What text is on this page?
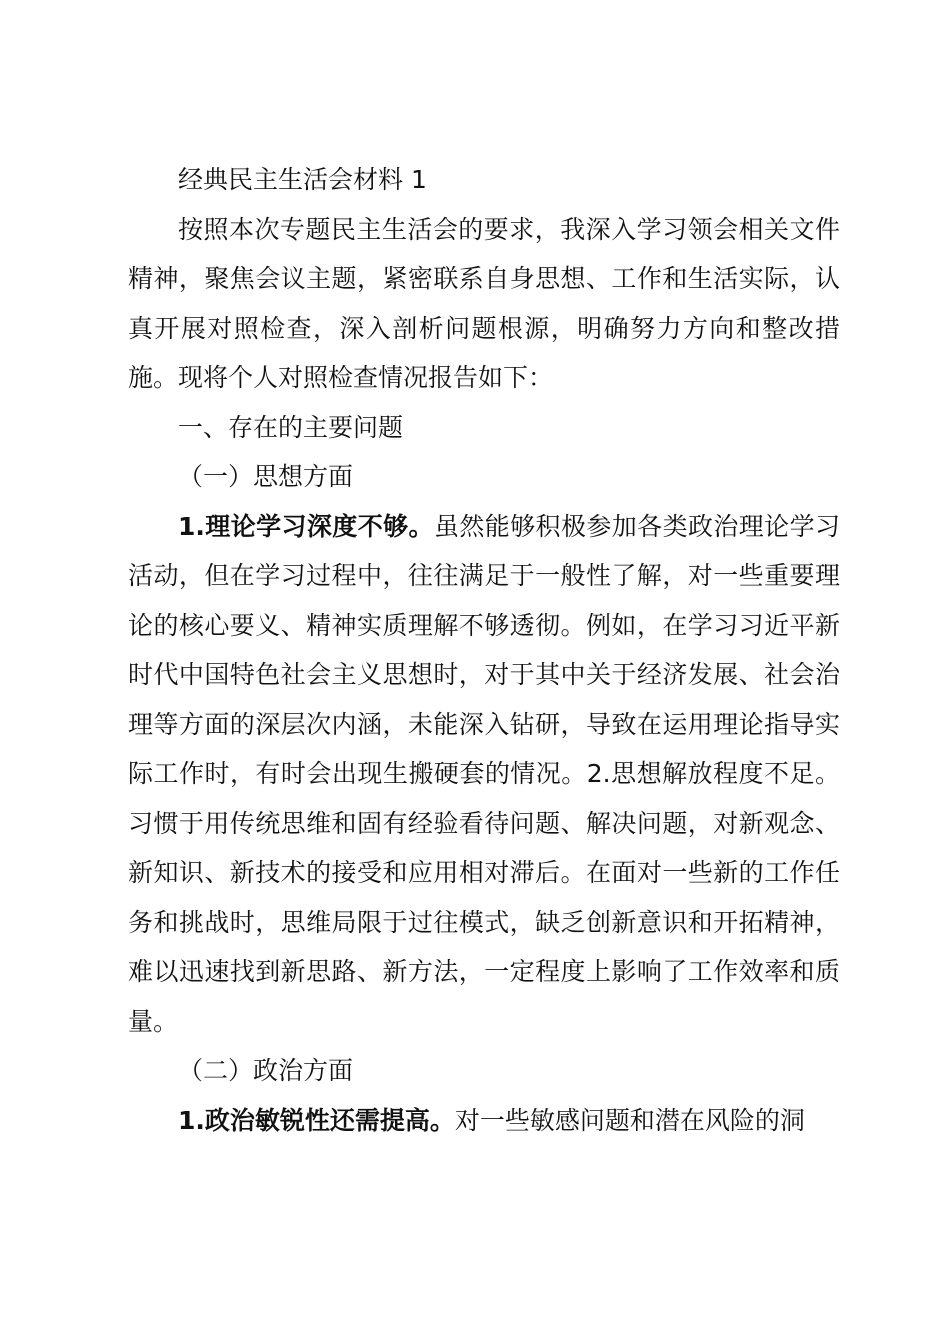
经典民主生活会材料 1

按照本次专题民主生活会的要求，我深入学习领会相关文件精神，聚焦会议主题，紧密联系自身思想、工作和生活实际，认真开展对照检查，深入剖析问题根源，明确努力方向和整改措施。现将个人对照检查情况报告如下：

一、存在的主要问题

（一）思想方面

1.理论学习深度不够。虽然能够积极参加各类政治理论学习活动，但在学习过程中，往往满足于一般性了解，对一些重要理论的核心要义、精神实质理解不够透彻。例如，在学习习近平新时代中国特色社会主义思想时，对于其中关于经济发展、社会治理等方面的深层次内涵，未能深入钻研，导致在运用理论指导实际工作时，有时会出现生搬硬套的情况。2.思想解放程度不足。习惯于用传统思维和固有经验看待问题、解决问题，对新观念、新知识、新技术的接受和应用相对滞后。在面对一些新的工作任务和挑战时，思维局限于过往模式，缺乏创新意识和开拓精神，难以迅速找到新思路、新方法，一定程度上影响了工作效率和质量。

（二）政治方面

1.政治敏锐性还需提高。对一些敏感问题和潜在风险的洞
